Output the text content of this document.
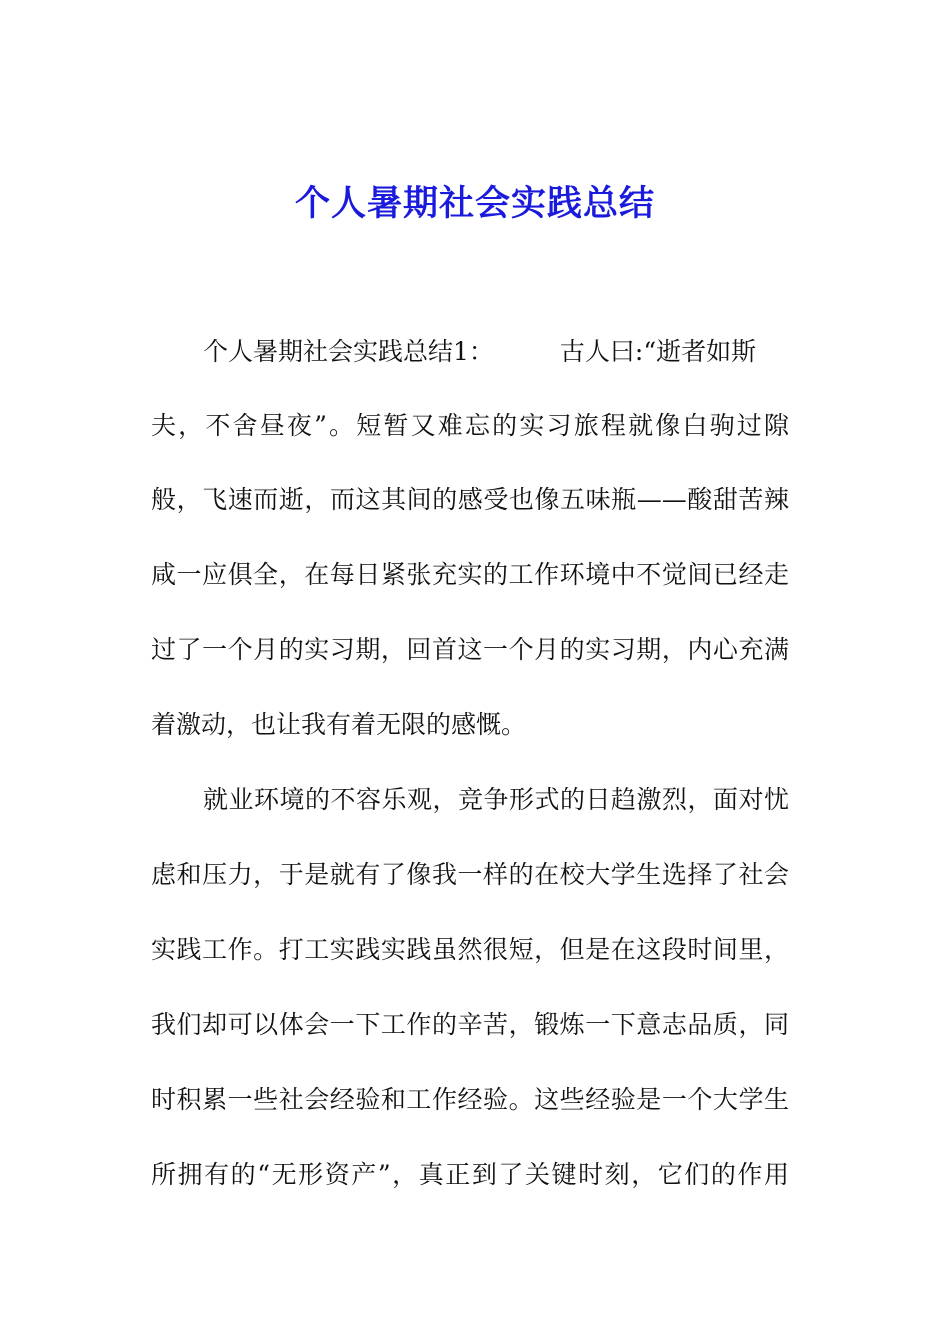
个人暑期社会实践总结
个人暑期社会实践总结1：	古人曰:“逝者如斯
夫，不舍昼夜”。短暂又难忘的实习旅程就像白驹过隙
般，飞速而逝，而这其间的感受也像五味瓶——酸甜苦辣
咸一应俱全，在每日紧张充实的工作环境中不觉间已经走
过了一个月的实习期，回首这一个月的实习期，内心充满
着激动，也让我有着无限的感慨。
就业环境的不容乐观，竞争形式的日趋激烈，面对忧
虑和压力，于是就有了像我一样的在校大学生选择了社会
实践工作。打工实践实践虽然很短，但是在这段时间里，
我们却可以体会一下工作的辛苦，锻炼一下意志品质，同
时积累一些社会经验和工作经验。这些经验是一个大学生
所拥有的“无形资产”，真正到了关键时刻，它们的作用
